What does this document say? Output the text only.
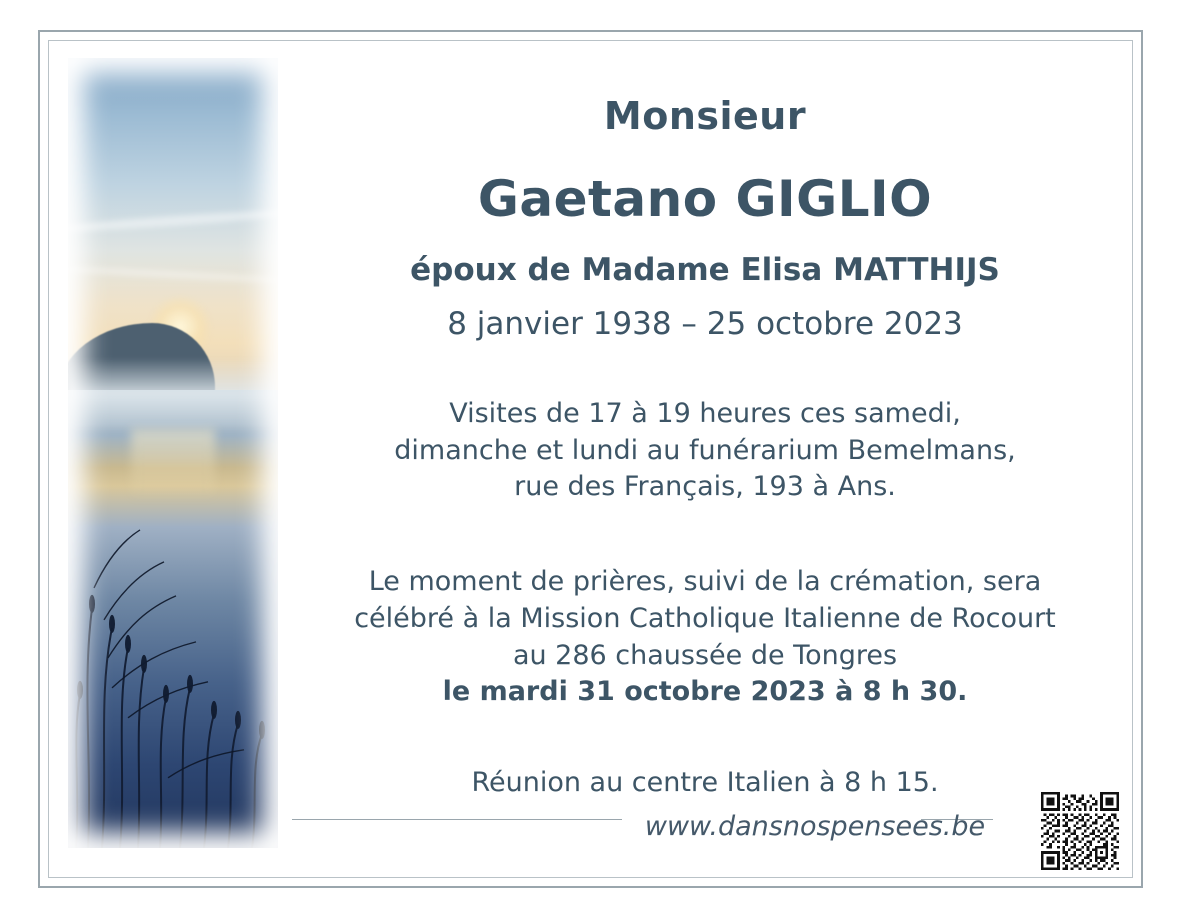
Monsieur
Gaetano GIGLIO
époux de Madame Elisa MATTHIJS
8 janvier 1938 – 25 octobre 2023
Visites de 17 à 19 heures ces samedi,
dimanche et lundi au funérarium Bemelmans,
rue des Français, 193 à Ans.
Le moment de prières, suivi de la crémation, sera
célébré à la Mission Catholique Italienne de Rocourt
au 286 chaussée de Tongres
le mardi 31 octobre 2023 à 8 h 30.
Réunion au centre Italien à 8 h 15.
www.dansnospensees.be
